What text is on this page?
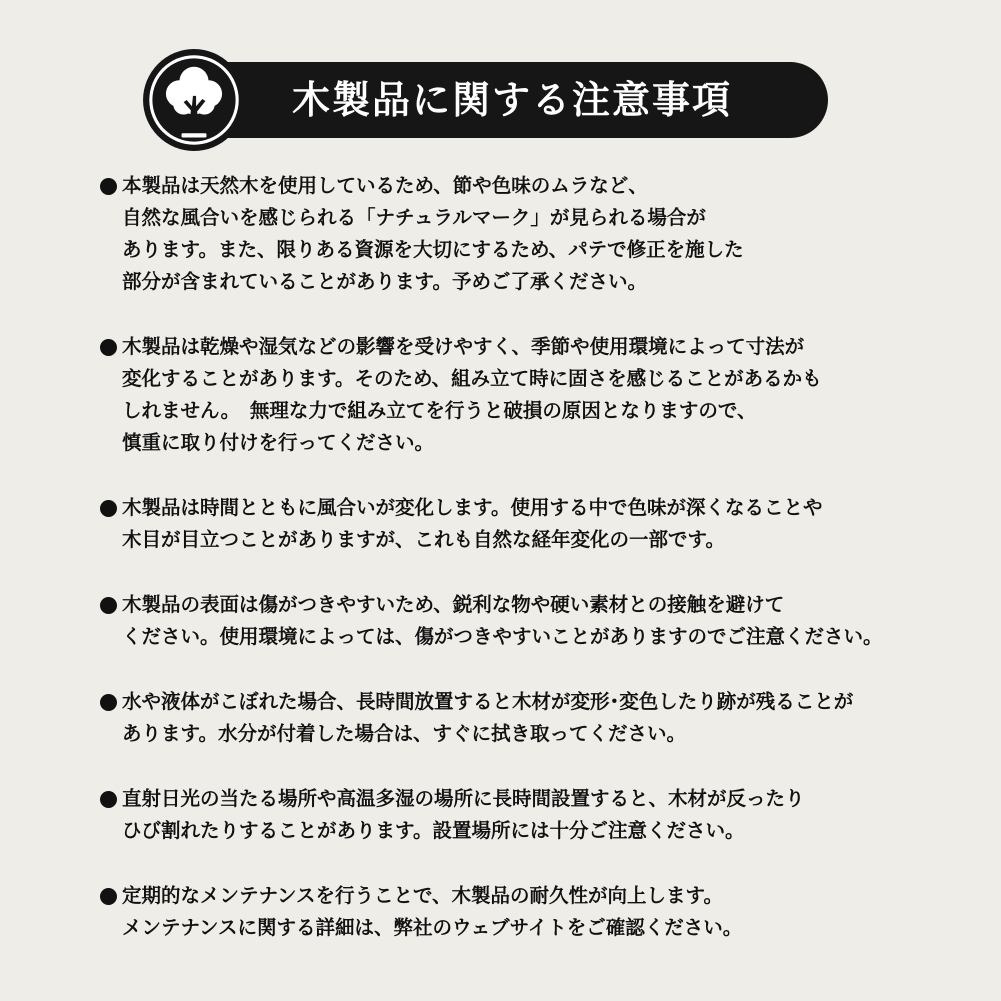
木製品に関する注意事項
本製品は天然木を使用しているため、節や色味のムラなど、
自然な風合いを感じられる「ナチュラルマーク」が見られる場合が
あります。また、限りある資源を大切にするため、パテで修正を施した
部分が含まれていることがあります。予めご了承ください。
木製品は乾燥や湿気などの影響を受けやすく、季節や使用環境によって寸法が
変化することがあります。そのため、組み立て時に固さを感じることがあるかも
しれません。　無理な力で組み立てを行うと破損の原因となりますので、
慎重に取り付けを行ってください。
木製品は時間とともに風合いが変化します。使用する中で色味が深くなることや
木目が目立つことがありますが、これも自然な経年変化の一部です。
木製品の表面は傷がつきやすいため、鋭利な物や硬い素材との接触を避けて
ください。使用環境によっては、傷がつきやすいことがありますのでご注意ください。
水や液体がこぼれた場合、長時間放置すると木材が変形･変色したり跡が残ることが
あります。水分が付着した場合は、すぐに拭き取ってください。
直射日光の当たる場所や高温多湿の場所に長時間設置すると、木材が反ったり
ひび割れたりすることがあります。設置場所には十分ご注意ください。
定期的なメンテナンスを行うことで、木製品の耐久性が向上します。
メンテナンスに関する詳細は、弊社のウェブサイトをご確認ください。
